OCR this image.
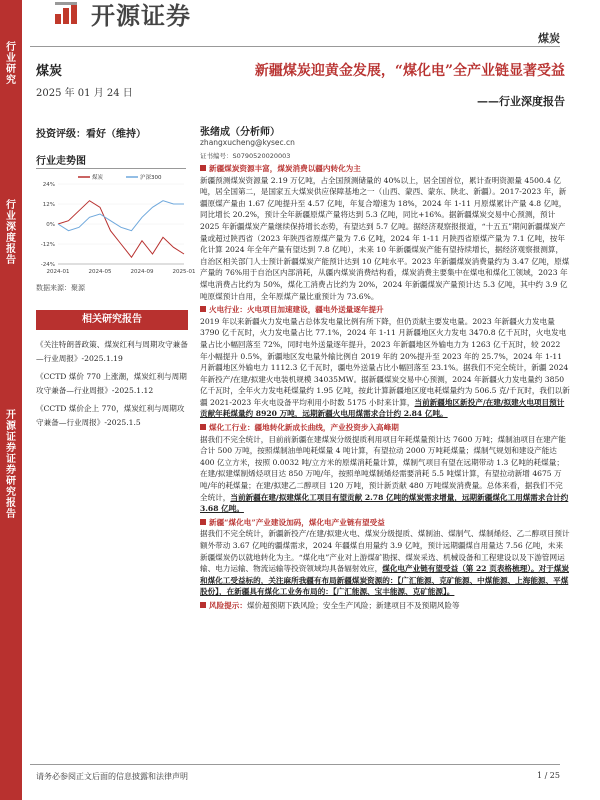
行业研究
行业深度报告
开源证券 证券研究报告
开源证券
煤炭
煤炭
2025 年 01 月 24 日
新疆煤炭迎黄金发展，“煤化电”全产业链显著受益
——行业深度报告
投资评级：看好（维持）	张绪成（分析师）
zhangxucheng@kysec.cn
证书编号：S0790520020003
行业走势图
24%
12%
0%
-12%
-24%
2024-01	2024-05	2024-09	2025-01
煤炭	沪深300
数据来源：聚源
相关研究报告
《关注特朗普政策、煤炭红利与周期攻守兼备—行业周报》-2025.1.19
《CCTD 煤价 770 上涨潮，煤炭红利与周期攻守兼备—行业周报》-2025.1.12
《CCTD 煤价企上 770，煤炭红利与周期攻守兼备—行业周报》-2025.1.5
新疆煤炭资源丰富，煤炭消费以疆内转化为主
新疆预测煤炭资源量 2.19 万亿吨，占全国预测储量的 40%以上，居全国首位，累计查明资源量 4500.4 亿吨，居全国第二，是国家五大煤炭供应保障基地之一（山西、蒙西、蒙东、陕北、新疆）。2017-2023 年，新疆原煤产量由 1.67 亿吨提升至 4.57 亿吨，年复合增速为 18%，2024 年 1-11 月原煤累计产量 4.8 亿吨，同比增长 20.2%，预计全年新疆原煤产量将达到 5.3 亿吨，同比+16%。据新疆煤炭交易中心预测，预计 2025 年新疆煤炭产量继续保持增长态势，有望达到 5.7 亿吨。据经济观察报报道，“十五五”期间新疆煤炭产量或超过陕西省（2023 年陕西省原煤产量为 7.6 亿吨，2024 年 1-11 月陕西省原煤产量为 7.1 亿吨，按年化计算 2024 年全年产量有望达到 7.8 亿吨），未来 10 年新疆煤炭产能有望持续增长，据经济观察报测算，自治区相关部门人士预计新疆煤炭产能预计达到 10 亿吨水平。2023 年新疆煤炭消费量约为 3.47 亿吨，原煤产量的 76%用于自治区内部消耗，从疆内煤炭消费结构看，煤炭消费主要集中在煤电和煤化工领域，2023 年煤电消费占比约为 50%，煤化工消费占比约为 20%，2024 年新疆煤炭产量预计达 5.3 亿吨，其中约 3.9 亿吨原煤预计自用，全年原煤产量比重预计为 73.6%。
火电行业：火电项目加速建设，疆电外送量逐年提升
2019 年以来新疆火力发电量占总体发电量比例有所下降，但仍贡献主要发电量。2023 年新疆火力发电量 3790 亿千瓦时，火力发电量占比 77.1%，2024 年 1-11 月新疆地区火力发电 3470.8 亿千瓦时，火电发电量占比小幅回落至 72%，同时电外送量逐年提升，2023 年新疆地区外输电力为 1263 亿千瓦时，较 2022 年小幅提升 0.5%，新疆地区发电量外输比例自 2019 年的 20%提升至 2023 年的 25.7%，2024 年 1-11 月新疆地区外输电力 1112.3 亿千瓦时，疆电外送量占比小幅回落至 23.1%。据我们不完全统计，新疆 2024 年新投产/在建/拟建火电装机规模 34035MW。据新疆煤炭交易中心预测，2024 年新疆火力发电量约 3850 亿千瓦时，全年火力发电耗煤量约 1.95 亿吨，按此计算新疆地区度电耗煤量约为 506.5 克/千瓦时，我们以新疆 2021-2023 年火电设备平均利用小时数 5175 小时来计算，当前新疆地区新投产/在建/拟建火电项目预计贡献年耗煤量约 8920 万吨，远期新疆火电用煤需求合计约 2.84 亿吨。
煤化工行业：疆地转化新成长曲线，产业投资步入高峰期
据我们不完全统计，目前前新疆在建煤炭分级提质利用项目年耗煤量预计达 7600 万吨；煤制油项目在建产能合计 500 万吨，按照煤制油单吨耗煤量 4 吨计算，有望拉动 2000 万吨耗煤量；煤制气规划和建设产能达 400 亿立方米，按照 0.0032 吨/立方米的原煤消耗量计算，煤制气项目有望在远期带动 1.3 亿吨的耗煤量；在建/拟建煤制烯烃项目达 850 万吨/年，按照单吨煤制烯烃需要消耗 5.5 吨煤计算，有望拉动新增 4675 万吨/年的耗煤量；在建/拟建乙二醇项目 120 万吨，预计新贡献 480 万吨煤炭消费量。总体来看，据我们不完全统计，当前新疆在建/拟建煤化工项目有望贡献 2.78 亿吨的煤炭需求增量，远期新疆煤化工用煤需求合计约 3.68 亿吨。
新疆“煤化电”产业建设加码，煤化电产业链有望受益
据我们不完全统计，新疆新投产/在建/拟建火电、煤炭分级提质、煤制油、煤制气、煤制烯烃、乙二醇项目预计额外带动 3.67 亿吨的疆煤需求，2024 年疆煤自用量约 3.9 亿吨，预计远期疆煤自用量达 7.56 亿吨，未来新疆煤炭仍以就地转化为主。“煤化电”产业对上游煤矿勘探、煤炭采选、机械设备和工程建设以及下游管网运输、电力运输、物流运输等投资领域均具备辐射效应，煤化电产业链有望受益（第 22 页表格梳理）。对于煤炭和煤化工受益标的，关注麻所我疆有布局新疆煤炭资源的：【广汇能源、克矿能源、中煤能源、上海能源、平煤股份】，在新疆具有煤化工业务布局的：【广汇能源、宝丰能源、克矿能源】。
风险提示：煤价超预期下跌风险；安全生产风险；新建项目不及预期风险等
请务必参阅正文后面的信息披露和法律声明	1 / 25
